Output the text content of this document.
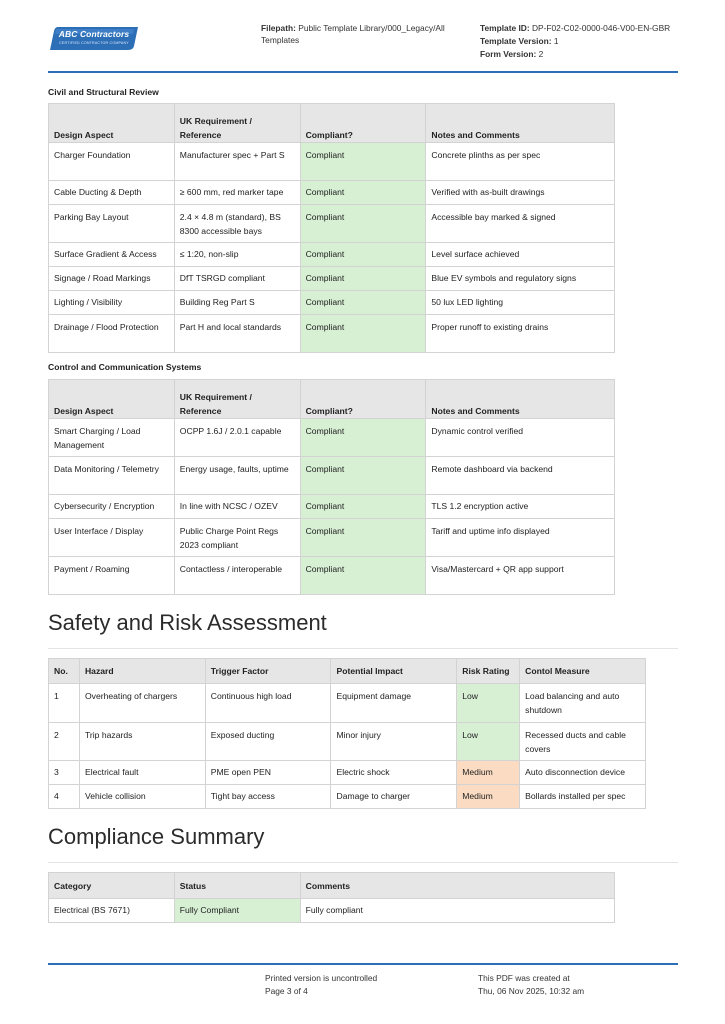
ABC Contractors
CERTIFIED CONTRACTOR COMPANY
Filepath: Public Template Library/000_Legacy/All Templates
Template ID: DP-F02-C02-0000-046-V00-EN-GBR
Template Version: 1
Form Version: 2
Civil and Structural Review
Design Aspect	UK Requirement / Reference	Compliant?	Notes and Comments
Charger Foundation	Manufacturer spec + Part S	Compliant	Concrete plinths as per spec
Cable Ducting & Depth	≥ 600 mm, red marker tape	Compliant	Verified with as-built drawings
Parking Bay Layout	2.4 × 4.8 m (standard), BS 8300 accessible bays	Compliant	Accessible bay marked & signed
Surface Gradient & Access	≤ 1:20, non-slip	Compliant	Level surface achieved
Signage / Road Markings	DfT TSRGD compliant	Compliant	Blue EV symbols and regulatory signs
Lighting / Visibility	Building Reg Part S	Compliant	50 lux LED lighting
Drainage / Flood Protection	Part H and local standards	Compliant	Proper runoff to existing drains
Control and Communication Systems
Design Aspect	UK Requirement / Reference	Compliant?	Notes and Comments
Smart Charging / Load Management	OCPP 1.6J / 2.0.1 capable	Compliant	Dynamic control verified
Data Monitoring / Telemetry	Energy usage, faults, uptime	Compliant	Remote dashboard via backend
Cybersecurity / Encryption	In line with NCSC / OZEV	Compliant	TLS 1.2 encryption active
User Interface / Display	Public Charge Point Regs 2023 compliant	Compliant	Tariff and uptime info displayed
Payment / Roaming	Contactless / interoperable	Compliant	Visa/Mastercard + QR app support
Safety and Risk Assessment
No.	Hazard	Trigger Factor	Potential Impact	Risk Rating	Contol Measure
1	Overheating of chargers	Continuous high load	Equipment damage	Low	Load balancing and auto shutdown
2	Trip hazards	Exposed ducting	Minor injury	Low	Recessed ducts and cable covers
3	Electrical fault	PME open PEN	Electric shock	Medium	Auto disconnection device
4	Vehicle collision	Tight bay access	Damage to charger	Medium	Bollards installed per spec
Compliance Summary
Category	Status	Comments
Electrical (BS 7671)	Fully Compliant	Fully compliant
Printed version is uncontrolled
Page 3 of 4
This PDF was created at
Thu, 06 Nov 2025, 10:32 am
